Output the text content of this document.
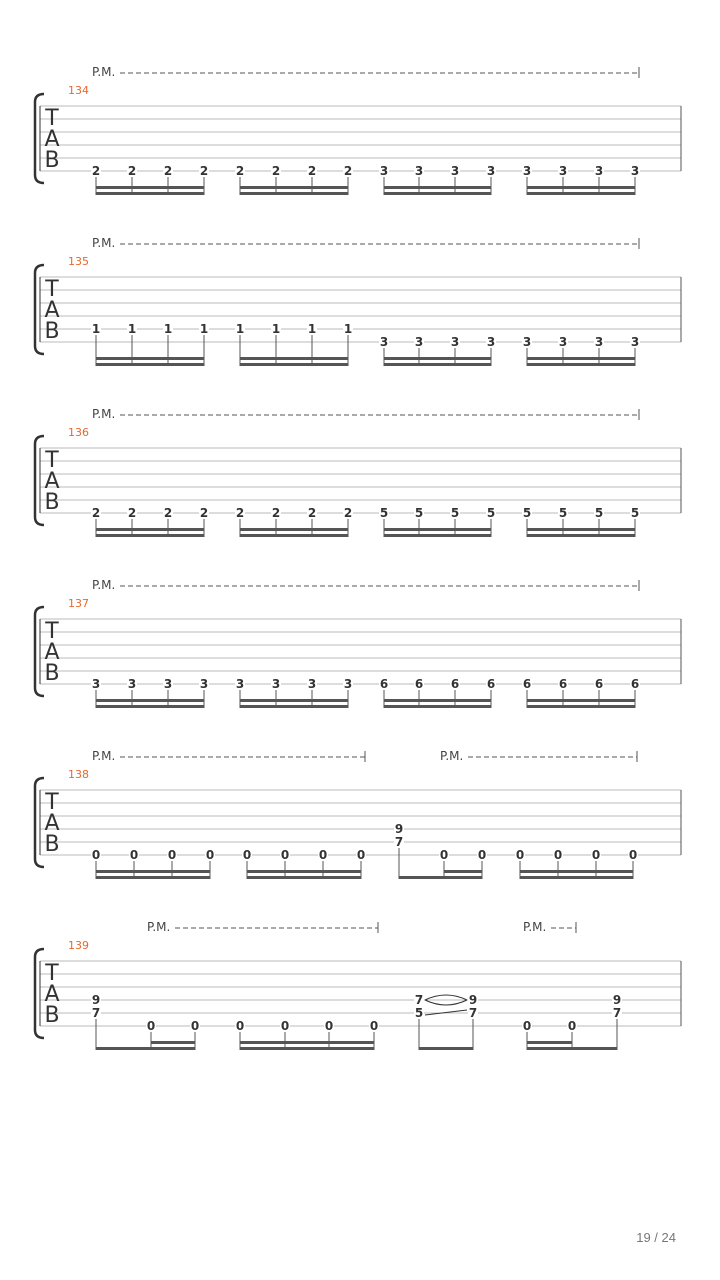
T
A
B
134
P.M.
2 2 2 2 2 2 2 2 3 3 3 3 3 3 3 3
T
A
B
135
P.M.
1 1 1 1 1 1 1 1
3 3 3 3 3 3 3 3
T
A
B
136
P.M.
2 2 2 2 2 2 2 2 5 5 5 5 5 5 5 5
T
A
B
137
P.M.
3 3 3 3 3 3 3 3 6 6 6 6 6 6 6 6
T
A
B
138
P.M.	P.M.
0 0 0 0 0 0 0 0
9
7
0 0 0 0 0 0
T
A
B
139
P.M.	P.M.
9
7
0	0	0	0	0	0
7
5
9
7
0	0
9
7
19 / 24
